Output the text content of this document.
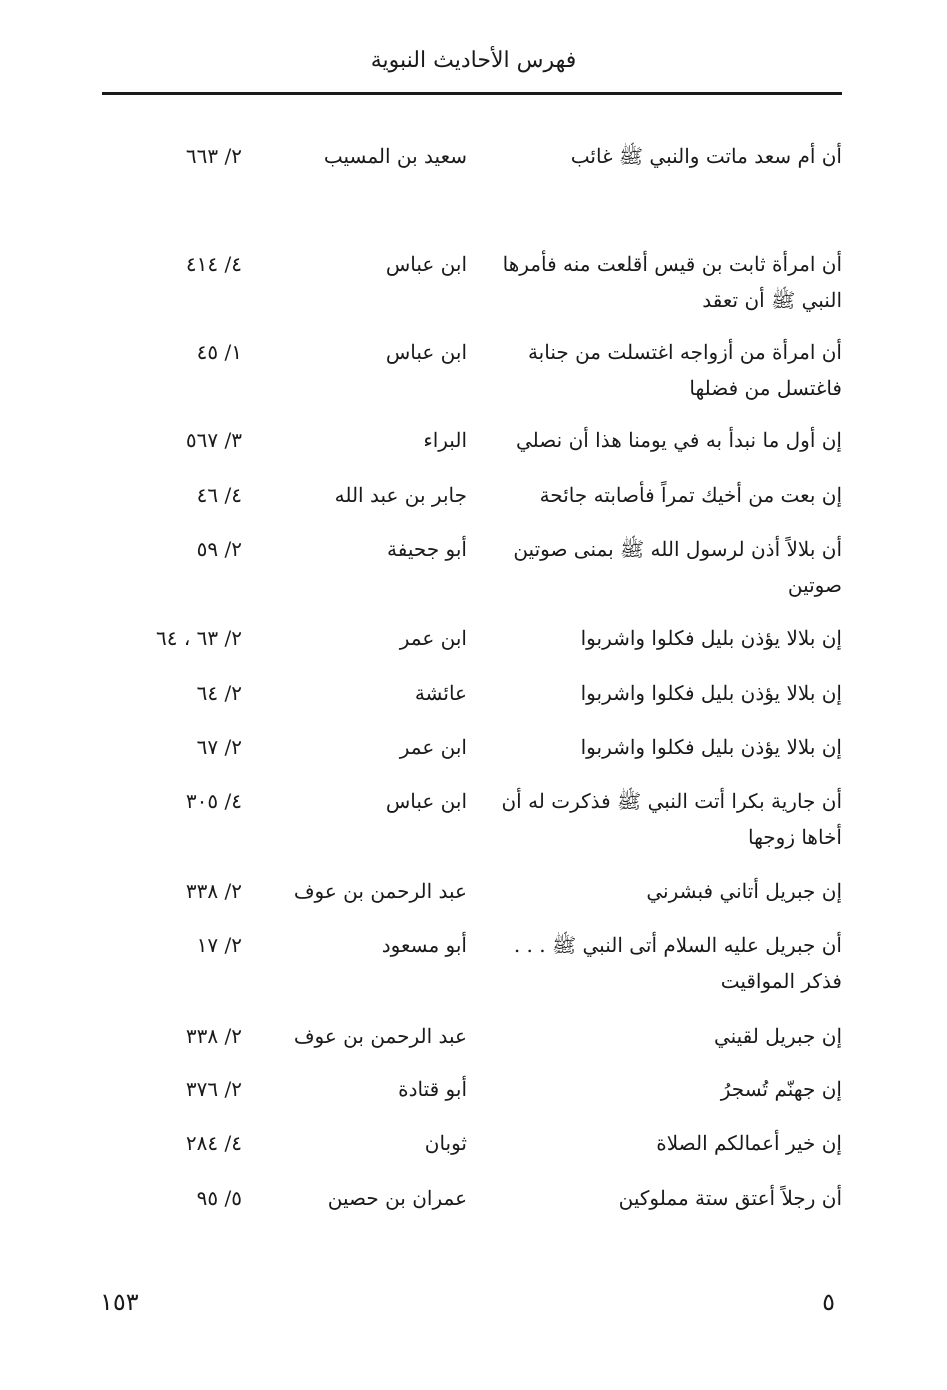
فهرس الأحاديث النبوية
أن أم سعد ماتت والنبي ﷺ غائب
سعيد بن المسيب
٢/ ٦٦٣
أن امرأة ثابت بن قيس أقلعت منه فأمرها النبي ﷺ أن تعقد
ابن عباس
٤/ ٤١٤
أن امرأة من أزواجه اغتسلت من جنابة فاغتسل من فضلها
ابن عباس
١/ ٤٥
إن أول ما نبدأ به في يومنا هذا أن نصلي
البراء
٣/ ٥٦٧
إن بعت من أخيك تمراً فأصابته جائحة
جابر بن عبد الله
٤/ ٤٦
أن بلالاً أذن لرسول الله ﷺ بمنى صوتين صوتين
أبو جحيفة
٢/ ٥٩
إن بلالا يؤذن بليل فكلوا واشربوا
ابن عمر
٢/ ٦٣ ، ٦٤
إن بلالا يؤذن بليل فكلوا واشربوا
عائشة
٢/ ٦٤
إن بلالا يؤذن بليل فكلوا واشربوا
ابن عمر
٢/ ٦٧
أن جارية بكرا أتت النبي ﷺ فذكرت له أن أخاها زوجها
ابن عباس
٤/ ٣٠٥
إن جبريل أتاني فبشرني
عبد الرحمن بن عوف
٢/ ٣٣٨
أن جبريل عليه السلام أتى النبي ﷺ . . . فذكر المواقيت
أبو مسعود
٢/ ١٧
إن جبريل لقيني
عبد الرحمن بن عوف
٢/ ٣٣٨
إن جهنّم تُسجرُ
أبو قتادة
٢/ ٣٧٦
إن خير أعمالكم الصلاة
ثوبان
٤/ ٢٨٤
أن رجلاً أعتق ستة مملوكين
عمران بن حصين
٥/ ٩٥
١٥٣	٥
